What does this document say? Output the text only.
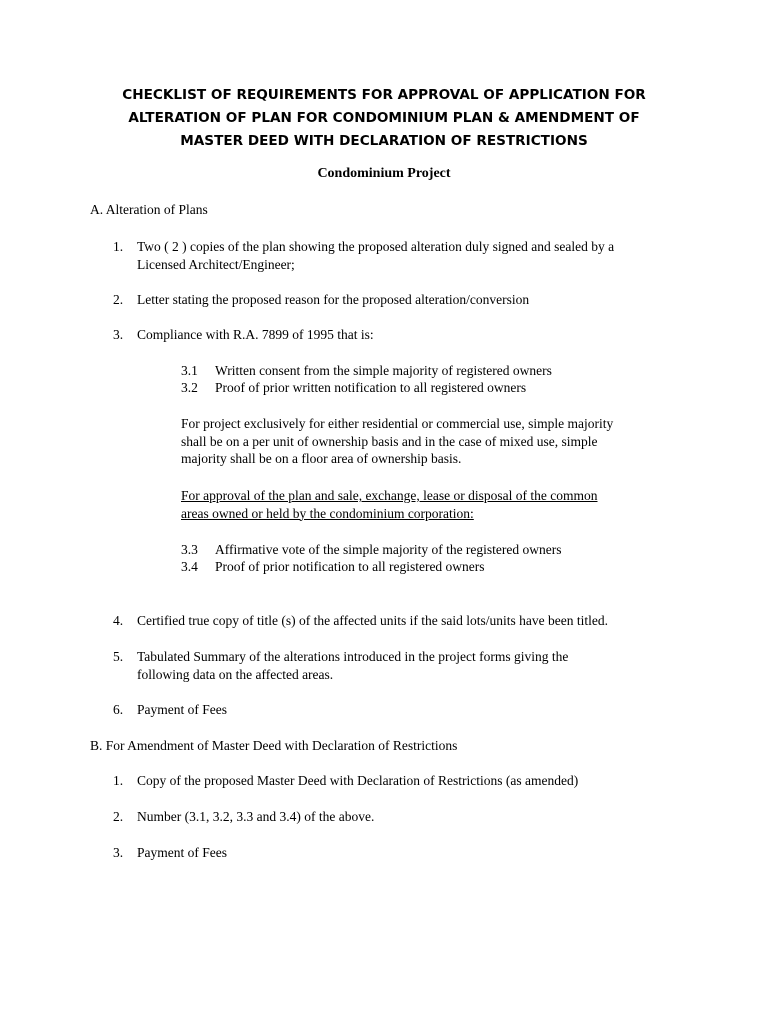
CHECKLIST OF REQUIREMENTS FOR APPROVAL OF APPLICATION FOR
ALTERATION OF PLAN FOR CONDOMINIUM PLAN & AMENDMENT OF
MASTER DEED WITH DECLARATION OF RESTRICTIONS
Condominium Project
A. Alteration of Plans
1. Two ( 2 ) copies of the plan showing the proposed alteration duly signed and sealed by a
Licensed Architect/Engineer;
2. Letter stating the proposed reason for the proposed alteration/conversion
3. Compliance with R.A. 7899 of 1995 that is:
3.1 Written consent from the simple majority of registered owners
3.2 Proof of prior written notification to all registered owners
For project exclusively for either residential or commercial use, simple majority
shall be on a per unit of ownership basis and in the case of mixed use, simple
majority shall be on a floor area of ownership basis.
For approval of the plan and sale, exchange, lease or disposal of the common
areas owned or held by the condominium corporation:
3.3 Affirmative vote of the simple majority of the registered owners
3.4 Proof of prior notification to all registered owners
4. Certified true copy of title (s) of the affected units if the said lots/units have been titled.
5. Tabulated Summary of the alterations introduced in the project forms giving the
following data on the affected areas.
6. Payment of Fees
B. For Amendment of Master Deed with Declaration of Restrictions
1. Copy of the proposed Master Deed with Declaration of Restrictions (as amended)
2. Number (3.1, 3.2, 3.3 and 3.4) of the above.
3. Payment of Fees
